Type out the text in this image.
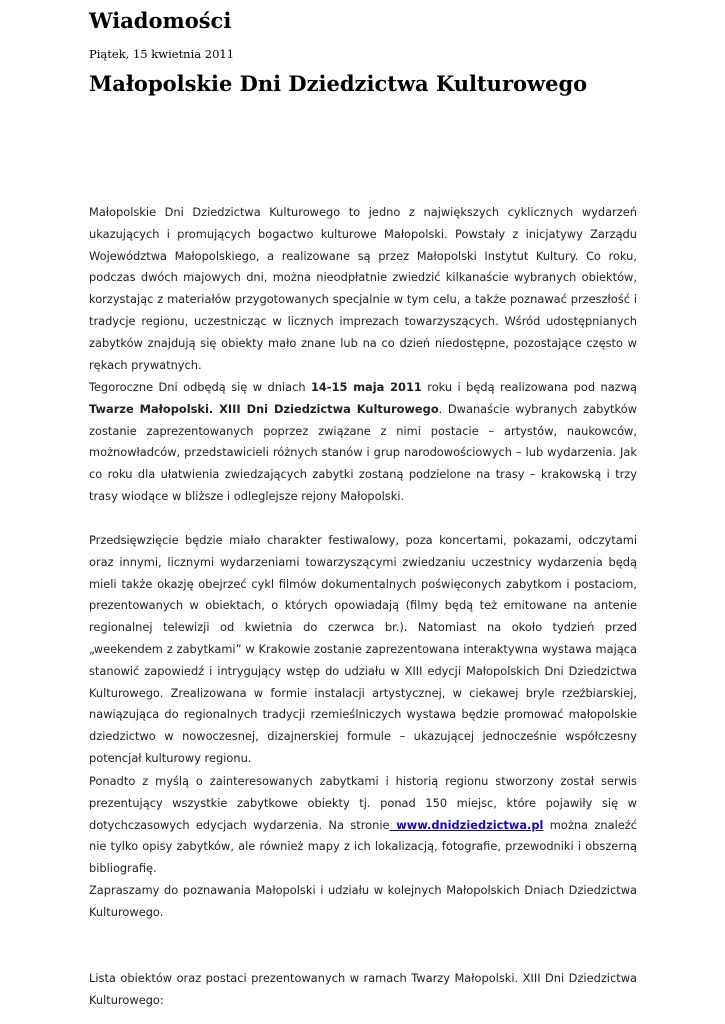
Wiadomości
Piątek, 15 kwietnia 2011
Małopolskie Dni Dziedzictwa Kulturowego

Małopolskie Dni Dziedzictwa Kulturowego to jedno z największych cyklicznych wydarzeń ukazujących i promujących bogactwo kulturowe Małopolski. Powstały z inicjatywy Zarządu Województwa Małopolskiego, a realizowane są przez Małopolski Instytut Kultury. Co roku, podczas dwóch majowych dni, można nieodpłatnie zwiedzić kilkanaście wybranych obiektów, korzystając z materiałów przygotowanych specjalnie w tym celu, a także poznawać przeszłość i tradycje regionu, uczestnicząc w licznych imprezach towarzyszących. Wśród udostępnianych zabytków znajdują się obiekty mało znane lub na co dzień niedostępne, pozostające często w rękach prywatnych.

Tegoroczne Dni odbędą się w dniach 14-15 maja 2011 roku i będą realizowana pod nazwą Twarze Małopolski. XIII Dni Dziedzictwa Kulturowego. Dwanaście wybranych zabytków zostanie zaprezentowanych poprzez związane z nimi postacie – artystów, naukowców, możnowładców, przedstawicieli różnych stanów i grup narodowościowych – lub wydarzenia. Jak co roku dla ułatwienia zwiedzających zabytki zostaną podzielone na trasy – krakowską i trzy trasy wiodące w bliższe i odleglejsze rejony Małopolski.

Przedsięwzięcie będzie miało charakter festiwalowy, poza koncertami, pokazami, odczytami oraz innymi, licznymi wydarzeniami towarzyszącymi zwiedzaniu uczestnicy wydarzenia będą mieli także okazję obejrzeć cykl filmów dokumentalnych poświęconych zabytkom i postaciom, prezentowanych w obiektach, o których opowiadają (filmy będą też emitowane na antenie regionalnej telewizji od kwietnia do czerwca br.). Natomiast na około tydzień przed „weekendem z zabytkami” w Krakowie zostanie zaprezentowana interaktywna wystawa mająca stanowić zapowiedź i intrygujący wstęp do udziału w XIII edycji Małopolskich Dni Dziedzictwa Kulturowego. Zrealizowana w formie instalacji artystycznej, w ciekawej bryle rzeźbiarskiej, nawiązująca do regionalnych tradycji rzemieślniczych wystawa będzie promować małopolskie dziedzictwo w nowoczesnej, dizajnerskiej formule – ukazującej jednocześnie współczesny potencjał kulturowy regionu.

Ponadto z myślą o zainteresowanych zabytkami i historią regionu stworzony został serwis prezentujący wszystkie zabytkowe obiekty tj. ponad 150 miejsc, które pojawiły się w dotychczasowych edycjach wydarzenia. Na stronie www.dnidziedzictwa.pl można znaleźć nie tylko opisy zabytków, ale również mapy z ich lokalizacją, fotografie, przewodniki i obszerną bibliografię.

Zapraszamy do poznawania Małopolski i udziału w kolejnych Małopolskich Dniach Dziedzictwa Kulturowego.

Lista obiektów oraz postaci prezentowanych w ramach Twarzy Małopolski. XIII Dni Dziedzictwa Kulturowego:
